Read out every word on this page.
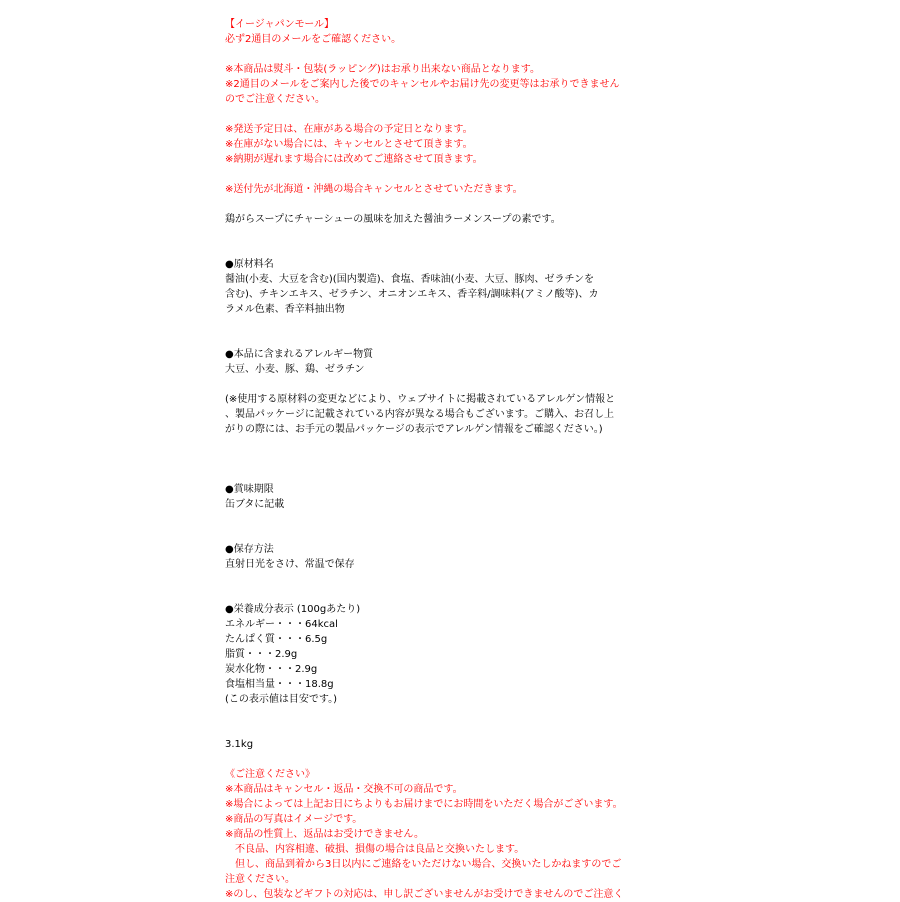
【イージャパンモール】
必ず2通目のメールをご確認ください。
※本商品は熨斗・包装(ラッピング)はお承り出来ない商品となります。
※2通目のメールをご案内した後でのキャンセルやお届け先の変更等はお承りできません
のでご注意ください。
※発送予定日は、在庫がある場合の予定日となります。
※在庫がない場合には、キャンセルとさせて頂きます。
※納期が遅れます場合には改めてご連絡させて頂きます。
※送付先が北海道・沖縄の場合キャンセルとさせていただきます。
鶏がらスープにチャーシューの風味を加えた醤油ラーメンスープの素です。
●原材料名
醤油(小麦、大豆を含む)(国内製造)、食塩、香味油(小麦、大豆、豚肉、ゼラチンを
含む)、チキンエキス、ゼラチン、オニオンエキス、香辛料/調味料(アミノ酸等)、カ
ラメル色素、香辛料抽出物
●本品に含まれるアレルギー物質
大豆、小麦、豚、鶏、ゼラチン
(※使用する原材料の変更などにより、ウェブサイトに掲載されているアレルゲン情報と
、製品パッケージに記載されている内容が異なる場合もございます。ご購入、お召し上
がりの際には、お手元の製品パッケージの表示でアレルゲン情報をご確認ください。)
●賞味期限
缶ブタに記載
●保存方法
直射日光をさけ、常温で保存
●栄養成分表示 (100gあたり)
エネルギー・・・64kcal
たんぱく質・・・6.5g
脂質・・・2.9g
炭水化物・・・2.9g
食塩相当量・・・18.8g
(この表示値は目安です。)
3.1kg
《ご注意ください》
※本商品はキャンセル・返品・交換不可の商品です。
※場合によっては上記お日にちよりもお届けまでにお時間をいただく場合がございます。
※商品の写真はイメージです。
※商品の性質上、返品はお受けできません。
　不良品、内容相違、破損、損傷の場合は良品と交換いたします。
　但し、商品到着から3日以内にご連絡をいただけない場合、交換いたしかねますのでご
注意ください。
※のし、包装などギフトの対応は、申し訳ございませんがお受けできませんのでご注意く
